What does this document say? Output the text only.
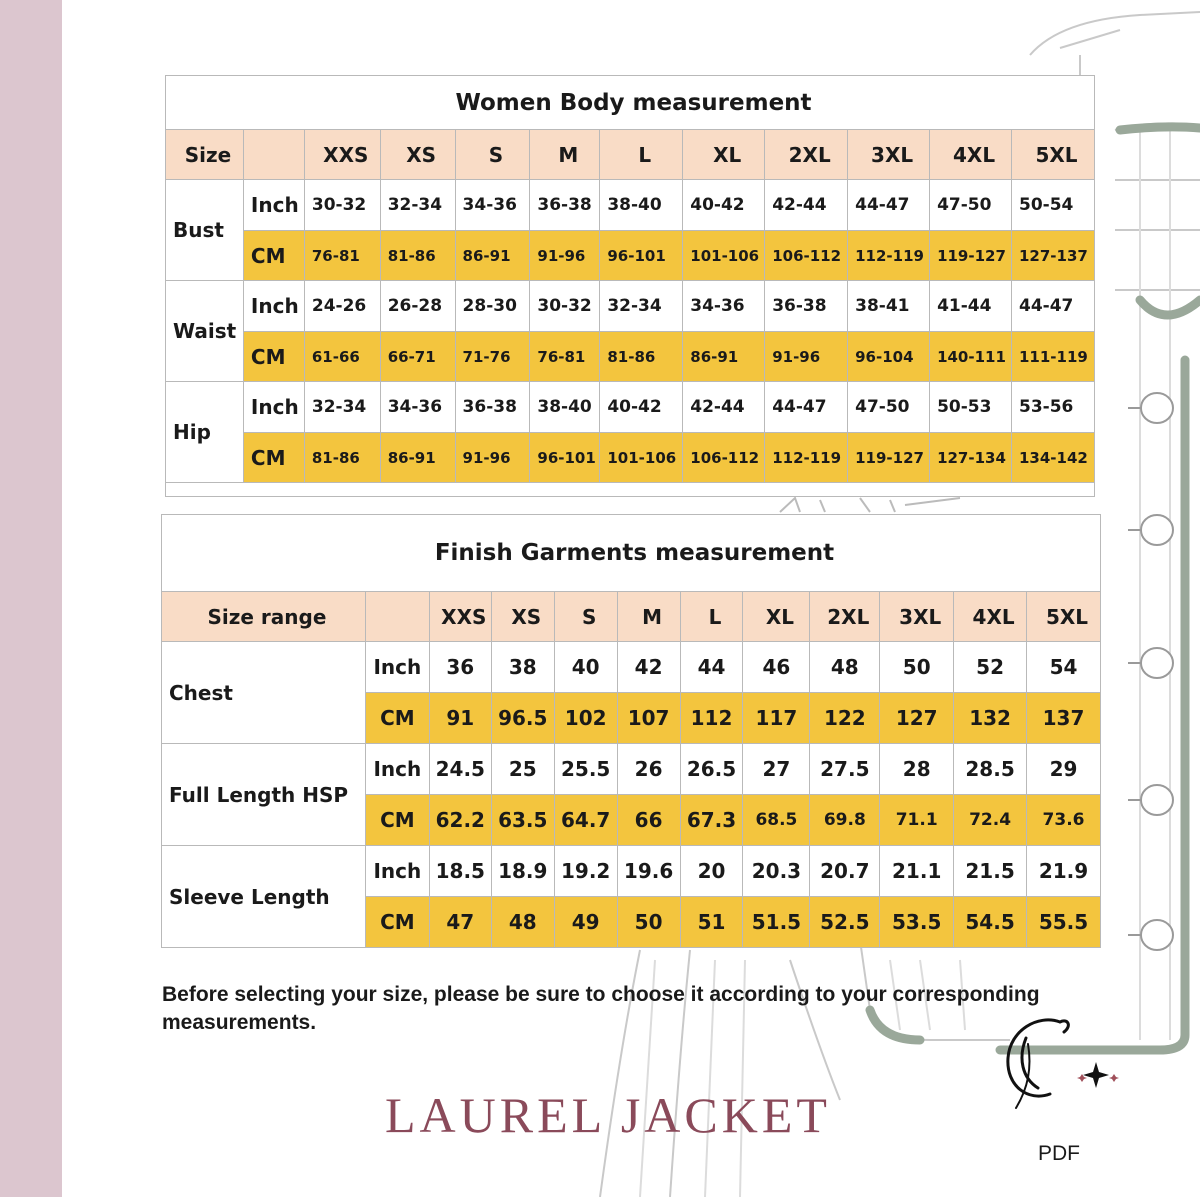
Women Body measurement											
Size		XXS	XS	S	M	L	XL	2XL	3XL	4XL	5XL
Bust	Inch	30-32	32-34	34-36	36-38	38-40	40-42	42-44	44-47	47-50	50-54
	CM	76-81	81-86	86-91	91-96	96-101	101-106	106-112	112-119	119-127	127-137
Waist	Inch	24-26	26-28	28-30	30-32	32-34	34-36	36-38	38-41	41-44	44-47
	CM	61-66	66-71	71-76	76-81	81-86	86-91	91-96	96-104	140-111	111-119
Hip	Inch	32-34	34-36	36-38	38-40	40-42	42-44	44-47	47-50	50-53	53-56
	CM	81-86	86-91	91-96	96-101	101-106	106-112	112-119	119-127	127-134	134-142

Finish Garments measurement											
Size range		XXS	XS	S	M	L	XL	2XL	3XL	4XL	5XL
Chest	Inch	36	38	40	42	44	46	48	50	52	54
	CM	91	96.5	102	107	112	117	122	127	132	137
Full Length HSP	Inch	24.5	25	25.5	26	26.5	27	27.5	28	28.5	29
	CM	62.2	63.5	64.7	66	67.3	68.5	69.8	71.1	72.4	73.6
Sleeve Length	Inch	18.5	18.9	19.2	19.6	20	20.3	20.7	21.1	21.5	21.9
	CM	47	48	49	50	51	51.5	52.5	53.5	54.5	55.5
Before selecting your size, please be sure to choose it according to your corresponding measurements.
LAUREL JACKET
PDF
